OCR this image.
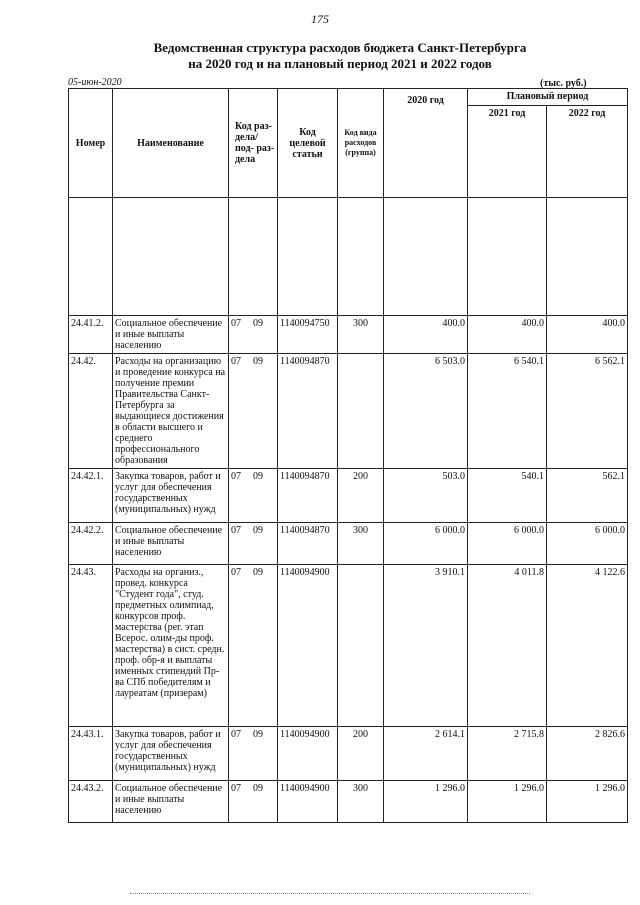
175
Ведомственная структура расходов бюджета Санкт-Петербурга
на 2020 год и на плановый период 2021 и 2022 годов
05-июн-2020	(тыс. руб.)
Номер	Наименование	Код раз- дела/ под- раз- дела	Код целевой статьи	Код вида расходов (группа)	2020 год	Плановый период	
						2021 год	2022 год

24.41.2.	Социальное обеспечение и иные выплаты населению	07 09	1140094750	300	400.0	400.0	400.0
24.42.	Расходы на организацию и проведение конкурса на получение премии Правительства Санкт-Петербурга за выдающиеся достижения в области высшего и среднего профессионального образования	07 09	1140094870		6 503.0	6 540.1	6 562.1
24.42.1.	Закупка товаров, работ и услуг для обеспечения государственных (муниципальных) нужд	07 09	1140094870	200	503.0	540.1	562.1
24.42.2.	Социальное обеспечение и иные выплаты населению	07 09	1140094870	300	6 000.0	6 000.0	6 000.0
24.43.	Расходы на организ., провед. конкурса "Студент года", студ. предметных олимпиад, конкурсов проф. мастерства (рег. этап Всерос. олим-ды проф. мастерства) в сист. средн. проф. обр-я и выплаты именных стипендий Пр-ва СПб победителям и лауреатам (призерам)	07 09	1140094900		3 910.1	4 011.8	4 122.6
24.43.1.	Закупка товаров, работ и услуг для обеспечения государственных (муниципальных) нужд	07 09	1140094900	200	2 614.1	2 715.8	2 826.6
24.43.2.	Социальное обеспечение и иные выплаты населению	07 09	1140094900	300	1 296.0	1 296.0	1 296.0
